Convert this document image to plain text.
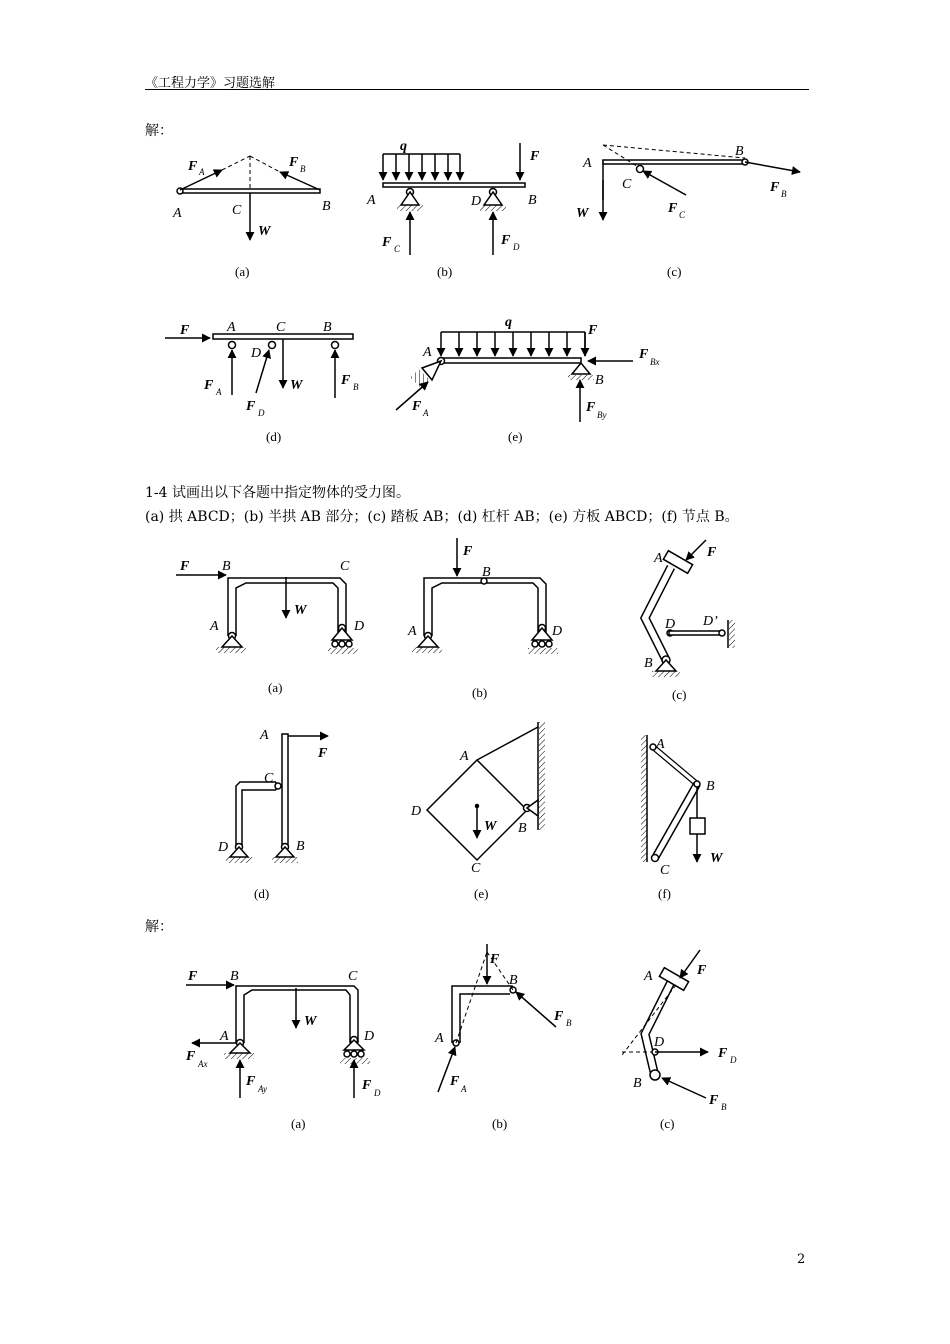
《工程力学》习题选解
解：
1-4 试画出以下各题中指定物体的受力图。
(a) 拱 ABCD；(b) 半拱 AB 部分；(c) 踏板 AB；(d) 杠杆 AB；(e) 方板 ABCD；(f) 节点 B。
解：
2
F A
F B
A	C	B
W
(a)
q
F
A	D	B
F C
F D
(b)
A
B
C
W	F C
F B
(c)
F	A	C	B
D
W
F A
F D
F B
(d)
q
F
A
B
F Bx
F By
F A
(e)
F B	C
W
A	D
(a)
F
B
A	D
(b)
A	F
D D’
B
(c)
A
F
C
D	B
(d)
A
D
W B
C
(e)
A
B
W
C
(f)
F B	C
W
A	D
F Ax
F Ay	F D
(a)
F
B
A
F B
F A
(b)
A	F
D
F D
B
F B
(c)
